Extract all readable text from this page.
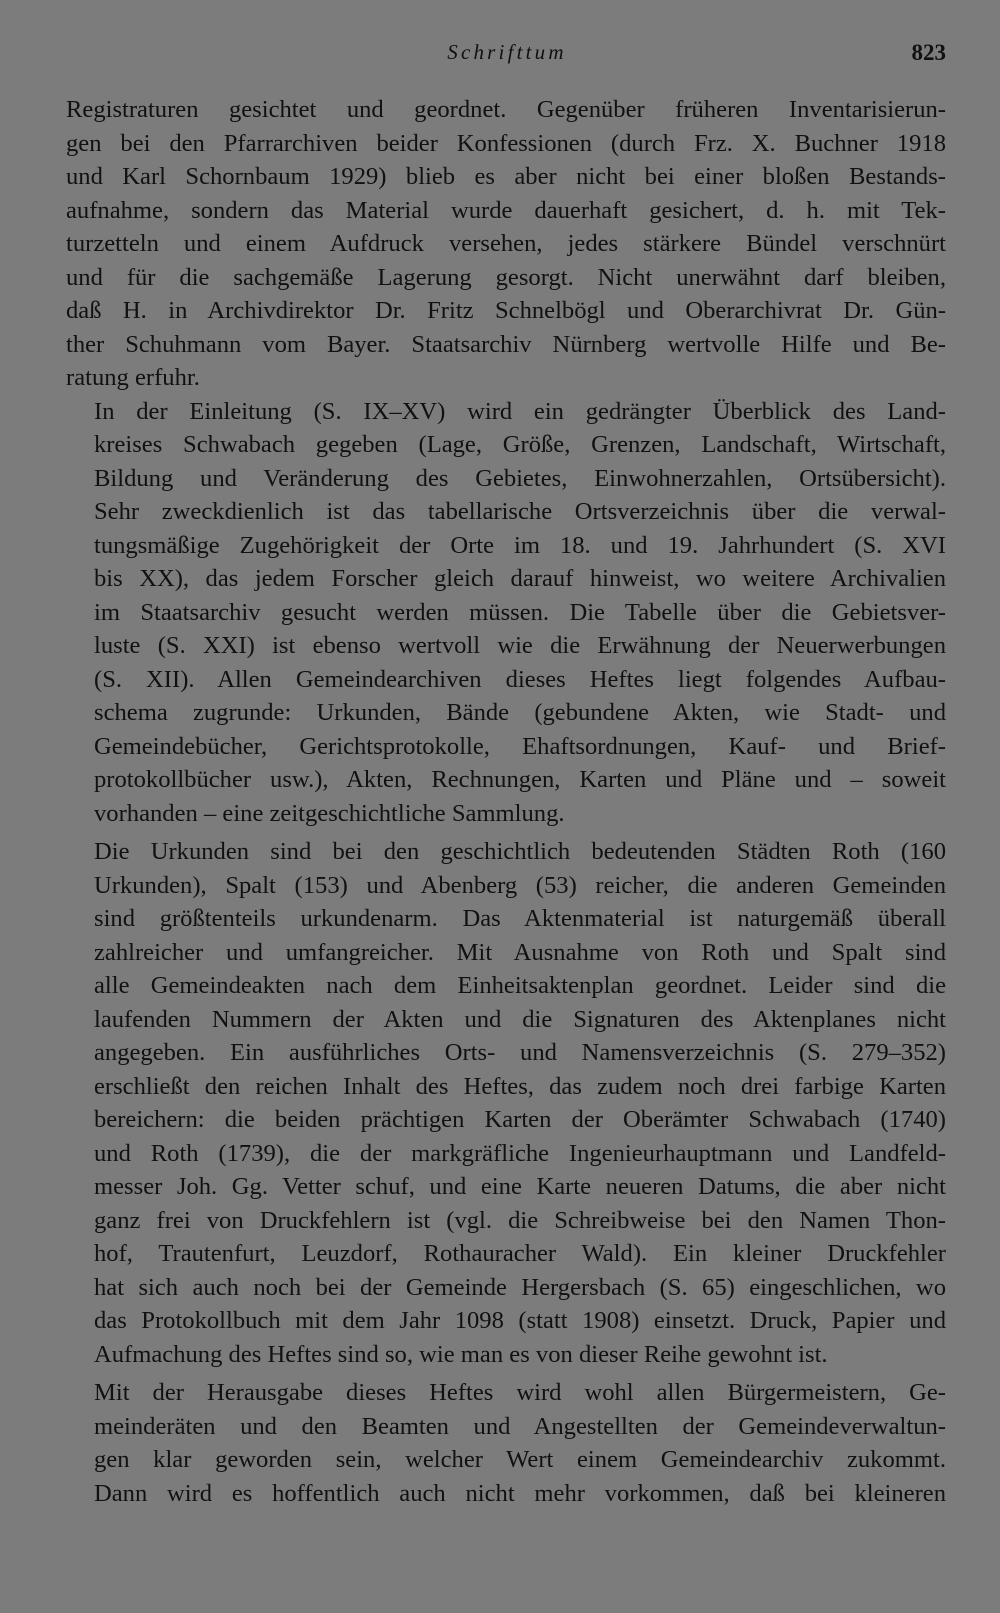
Schrifttum	823
Registraturen gesichtet und geordnet. Gegenüber früheren Inventarisierun-
gen bei den Pfarrarchiven beider Konfessionen (durch Frz. X. Buchner 1918
und Karl Schornbaum 1929) blieb es aber nicht bei einer bloßen Bestands-
aufnahme, sondern das Material wurde dauerhaft gesichert, d. h. mit Tek-
turzetteln und einem Aufdruck versehen, jedes stärkere Bündel verschnürt
und für die sachgemäße Lagerung gesorgt. Nicht unerwähnt darf bleiben,
daß H. in Archivdirektor Dr. Fritz Schnelbögl und Oberarchivrat Dr. Gün-
ther Schuhmann vom Bayer. Staatsarchiv Nürnberg wertvolle Hilfe und Be-
ratung erfuhr.
In der Einleitung (S. IX–XV) wird ein gedrängter Überblick des Land-
kreises Schwabach gegeben (Lage, Größe, Grenzen, Landschaft, Wirtschaft,
Bildung und Veränderung des Gebietes, Einwohnerzahlen, Ortsübersicht).
Sehr zweckdienlich ist das tabellarische Ortsverzeichnis über die verwal-
tungsmäßige Zugehörigkeit der Orte im 18. und 19. Jahrhundert (S. XVI
bis XX), das jedem Forscher gleich darauf hinweist, wo weitere Archivalien
im Staatsarchiv gesucht werden müssen. Die Tabelle über die Gebietsver-
luste (S. XXI) ist ebenso wertvoll wie die Erwähnung der Neuerwerbungen
(S. XII). Allen Gemeindearchiven dieses Heftes liegt folgendes Aufbau-
schema zugrunde: Urkunden, Bände (gebundene Akten, wie Stadt- und
Gemeindebücher, Gerichtsprotokolle, Ehaftsordnungen, Kauf- und Brief-
protokollbücher usw.), Akten, Rechnungen, Karten und Pläne und – soweit
vorhanden – eine zeitgeschichtliche Sammlung.
Die Urkunden sind bei den geschichtlich bedeutenden Städten Roth (160
Urkunden), Spalt (153) und Abenberg (53) reicher, die anderen Gemeinden
sind größtenteils urkundenarm. Das Aktenmaterial ist naturgemäß überall
zahlreicher und umfangreicher. Mit Ausnahme von Roth und Spalt sind
alle Gemeindeakten nach dem Einheitsaktenplan geordnet. Leider sind die
laufenden Nummern der Akten und die Signaturen des Aktenplanes nicht
angegeben. Ein ausführliches Orts- und Namensverzeichnis (S. 279–352)
erschließt den reichen Inhalt des Heftes, das zudem noch drei farbige Karten
bereichern: die beiden prächtigen Karten der Oberämter Schwabach (1740)
und Roth (1739), die der markgräfliche Ingenieurhauptmann und Landfeld-
messer Joh. Gg. Vetter schuf, und eine Karte neueren Datums, die aber nicht
ganz frei von Druckfehlern ist (vgl. die Schreibweise bei den Namen Thon-
hof, Trautenfurt, Leuzdorf, Rothauracher Wald). Ein kleiner Druckfehler
hat sich auch noch bei der Gemeinde Hergersbach (S. 65) eingeschlichen, wo
das Protokollbuch mit dem Jahr 1098 (statt 1908) einsetzt. Druck, Papier und
Aufmachung des Heftes sind so, wie man es von dieser Reihe gewohnt ist.
Mit der Herausgabe dieses Heftes wird wohl allen Bürgermeistern, Ge-
meinderäten und den Beamten und Angestellten der Gemeindeverwaltun-
gen klar geworden sein, welcher Wert einem Gemeindearchiv zukommt.
Dann wird es hoffentlich auch nicht mehr vorkommen, daß bei kleineren
